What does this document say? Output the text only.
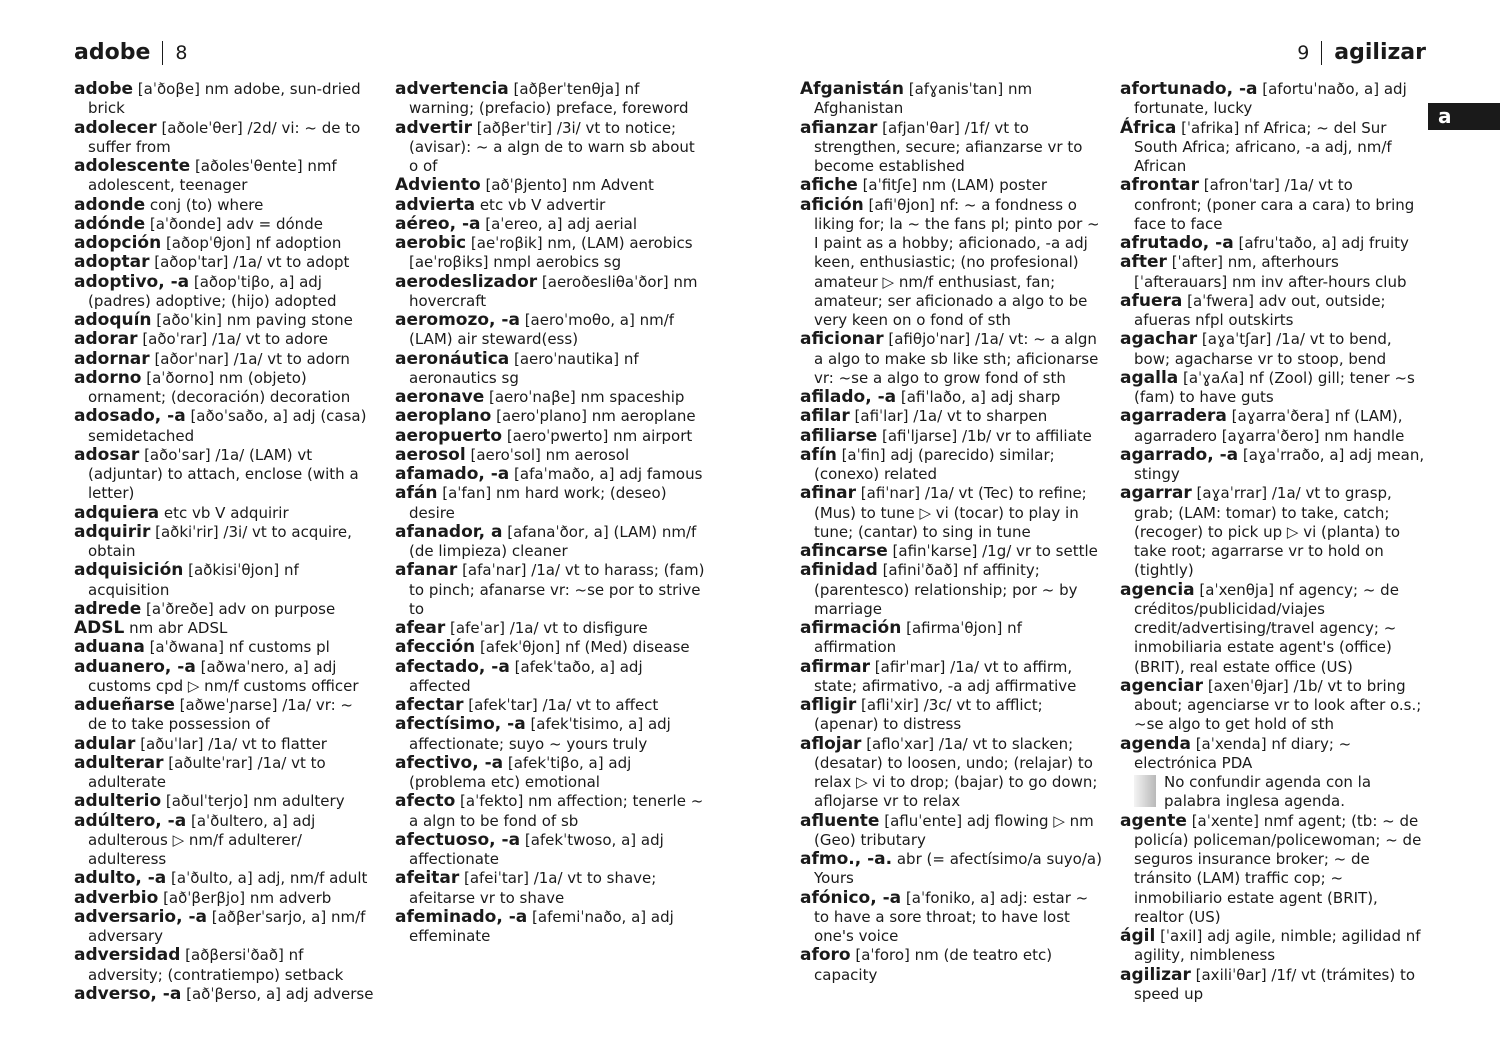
adobe 8	9 agilizar
a

adobe [aˈðoβe] nm adobe, sun-dried brick

adolecer [aðoleˈθer] /2d/ vi: ~ de to suffer from

adolescente [aðolesˈθente] nmf adolescent, teenager

adonde conj (to) where

adónde [aˈðonde] adv = dónde

adopción [aðopˈθjon] nf adoption

adoptar [aðopˈtar] /1a/ vt to adopt

adoptivo, -a [aðopˈtiβo, a] adj (padres) adoptive; (hijo) adopted

adoquín [aðoˈkin] nm paving stone

adorar [aðoˈrar] /1a/ vt to adore

adornar [aðorˈnar] /1a/ vt to adorn

adorno [aˈðorno] nm (objeto) ornament; (decoración) decoration

adosado, -a [aðoˈsaðo, a] adj (casa) semidetached

adosar [aðoˈsar] /1a/ (LAM) vt (adjuntar) to attach, enclose (with a letter)

adquiera etc vb V adquirir

adquirir [aðkiˈrir] /3i/ vt to acquire, obtain

adquisición [aðkisiˈθjon] nf acquisition

adrede [aˈðreðe] adv on purpose

ADSL nm abr ADSL

aduana [aˈðwana] nf customs pl

aduanero, -a [aðwaˈnero, a] adj customs cpd ▷ nm/f customs officer

adueñarse [aðweˈɲarse] /1a/ vr: ~ de to take possession of

adular [aðuˈlar] /1a/ vt to flatter

adulterar [aðulteˈrar] /1a/ vt to adulterate

adulterio [aðulˈterjo] nm adultery

adúltero, -a [aˈðultero, a] adj adulterous ▷ nm/f adulterer/ adulteress

adulto, -a [aˈðulto, a] adj, nm/f adult

adverbio [aðˈβerβjo] nm adverb

adversario, -a [aðβerˈsarjo, a] nm/f adversary

adversidad [aðβersiˈðað] nf adversity; (contratiempo) setback

adverso, -a [aðˈβerso, a] adj adverse

advertencia [aðβerˈtenθja] nf warning; (prefacio) preface, foreword

advertir [aðβerˈtir] /3i/ vt to notice; (avisar): ~ a algn de to warn sb about o of

Adviento [aðˈβjento] nm Advent

advierta etc vb V advertir

aéreo, -a [aˈereo, a] adj aerial

aerobic [aeˈroβik] nm, (LAM) aerobics [aeˈroβiks] nmpl aerobics sg

aerodeslizador [aeroðesliθaˈðor] nm hovercraft

aeromozo, -a [aeroˈmoθo, a] nm/f (LAM) air steward(ess)

aeronáutica [aeroˈnautika] nf aeronautics sg

aeronave [aeroˈnaβe] nm spaceship

aeroplano [aeroˈplano] nm aeroplane

aeropuerto [aeroˈpwerto] nm airport

aerosol [aeroˈsol] nm aerosol

afamado, -a [afaˈmaðo, a] adj famous

afán [aˈfan] nm hard work; (deseo) desire

afanador, a [afanaˈðor, a] (LAM) nm/f (de limpieza) cleaner

afanar [afaˈnar] /1a/ vt to harass; (fam) to pinch; afanarse vr: ~se por to strive to

afear [afeˈar] /1a/ vt to disfigure

afección [afekˈθjon] nf (Med) disease

afectado, -a [afekˈtaðo, a] adj affected

afectar [afekˈtar] /1a/ vt to affect

afectísimo, -a [afekˈtisimo, a] adj affectionate; suyo ~ yours truly

afectivo, -a [afekˈtiβo, a] adj (problema etc) emotional

afecto [aˈfekto] nm affection; tenerle ~ a algn to be fond of sb

afectuoso, -a [afekˈtwoso, a] adj affectionate

afeitar [afeiˈtar] /1a/ vt to shave; afeitarse vr to shave

afeminado, -a [afemiˈnaðo, a] adj effeminate

Afganistán [afɣanisˈtan] nm Afghanistan

afianzar [afjanˈθar] /1f/ vt to strengthen, secure; afianzarse vr to become established

afiche [aˈfitʃe] nm (LAM) poster

afición [afiˈθjon] nf: ~ a fondness o liking for; la ~ the fans pl; pinto por ~ I paint as a hobby; aficionado, -a adj keen, enthusiastic; (no profesional) amateur ▷ nm/f enthusiast, fan; amateur; ser aficionado a algo to be very keen on o fond of sth

aficionar [afiθjoˈnar] /1a/ vt: ~ a algn a algo to make sb like sth; aficionarse vr: ~se a algo to grow fond of sth

afilado, -a [afiˈlaðo, a] adj sharp

afilar [afiˈlar] /1a/ vt to sharpen

afiliarse [afiˈljarse] /1b/ vr to affiliate

afín [aˈfin] adj (parecido) similar; (conexo) related

afinar [afiˈnar] /1a/ vt (Tec) to refine; (Mus) to tune ▷ vi (tocar) to play in tune; (cantar) to sing in tune

afincarse [afinˈkarse] /1g/ vr to settle

afinidad [afiniˈðað] nf affinity; (parentesco) relationship; por ~ by marriage

afirmación [afirmaˈθjon] nf affirmation

afirmar [afirˈmar] /1a/ vt to affirm, state; afirmativo, -a adj affirmative

afligir [afliˈxir] /3c/ vt to afflict; (apenar) to distress

aflojar [afloˈxar] /1a/ vt to slacken; (desatar) to loosen, undo; (relajar) to relax ▷ vi to drop; (bajar) to go down; aflojarse vr to relax

afluente [afluˈente] adj flowing ▷ nm (Geo) tributary

afmo., -a. abr (= afectísimo/a suyo/a) Yours

afónico, -a [aˈfoniko, a] adj: estar ~ to have a sore throat; to have lost one's voice

aforo [aˈforo] nm (de teatro etc) capacity

afortunado, -a [afortuˈnaðo, a] adj fortunate, lucky

África [ˈafrika] nf Africa; ~ del Sur South Africa; africano, -a adj, nm/f African

afrontar [afronˈtar] /1a/ vt to confront; (poner cara a cara) to bring face to face

afrutado, -a [afruˈtaðo, a] adj fruity

after [ˈafter] nm, afterhours [ˈafterauars] nm inv after-hours club

afuera [aˈfwera] adv out, outside; afueras nfpl outskirts

agachar [aɣaˈtʃar] /1a/ vt to bend, bow; agacharse vr to stoop, bend

agalla [aˈɣaʎa] nf (Zool) gill; tener ~s (fam) to have guts

agarradera [aɣarraˈðera] nf (LAM), agarradero [aɣarraˈðero] nm handle

agarrado, -a [aɣaˈrraðo, a] adj mean, stingy

agarrar [aɣaˈrrar] /1a/ vt to grasp, grab; (LAM: tomar) to take, catch; (recoger) to pick up ▷ vi (planta) to take root; agarrarse vr to hold on (tightly)

agencia [aˈxenθja] nf agency; ~ de créditos/publicidad/viajes credit/advertising/travel agency; ~ inmobiliaria estate agent's (office) (BRIT), real estate office (US)

agenciar [axenˈθjar] /1b/ vt to bring about; agenciarse vr to look after o.s.; ~se algo to get hold of sth

agenda [aˈxenda] nf diary; ~ electrónica PDA

No confundir agenda con la palabra inglesa agenda.

agente [aˈxente] nmf agent; (tb: ~ de policía) policeman/policewoman; ~ de seguros insurance broker; ~ de tránsito (LAM) traffic cop; ~ inmobiliario estate agent (BRIT), realtor (US)

ágil [ˈaxil] adj agile, nimble; agilidad nf agility, nimbleness

agilizar [axiliˈθar] /1f/ vt (trámites) to speed up
